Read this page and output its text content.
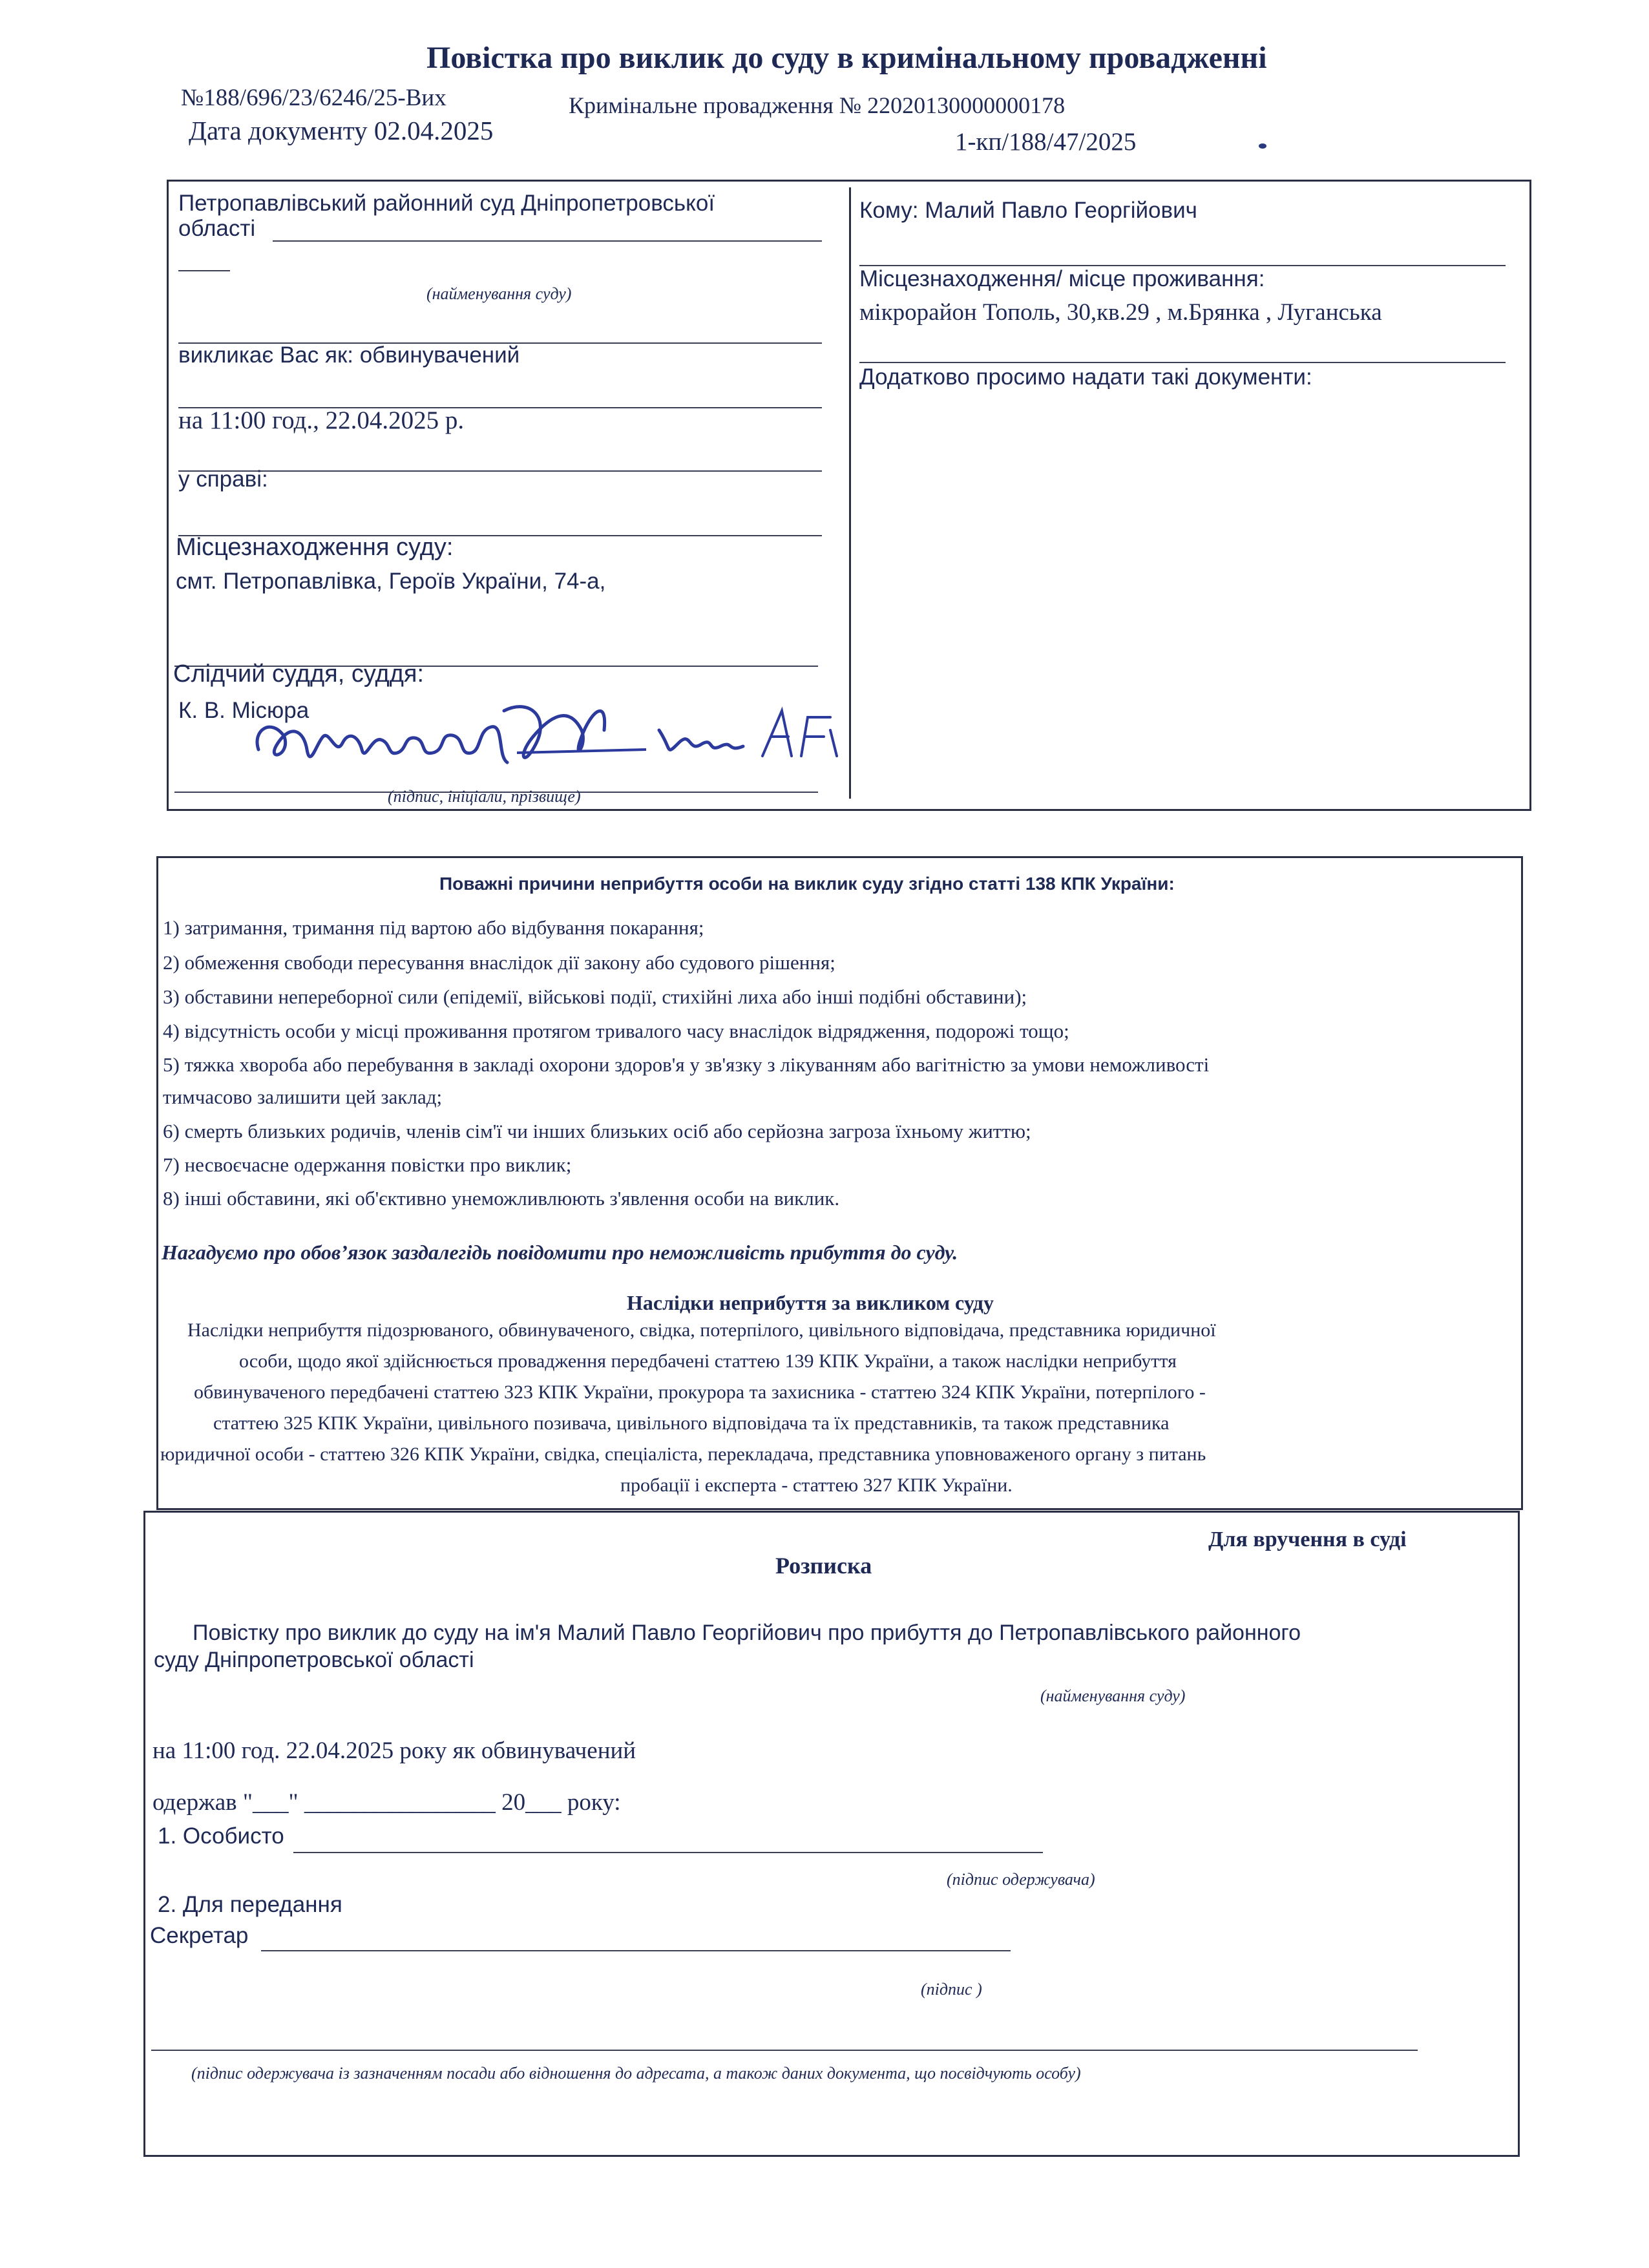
Повістка про виклик до суду в кримінальному провадженні
№188/696/23/6246/25-Вих	Кримінальне провадження № 22020130000000178
Дата документу 02.04.2025	1-кп/188/47/2025
Петропавлівський районний суд Дніпропетровської
області
(найменування суду)
викликає Вас як: обвинувачений
на 11:00 год., 22.04.2025 р.
у справі:
Місцезнаходження суду:
смт. Петропавлівка, Героїв України, 74-а,
Слідчий суддя, суддя:
К. В. Місюра
(підпис, ініціали, прізвище)
Кому: Малий Павло Георгійович
Місцезнаходження/ місце проживання:
мікрорайон Тополь, 30,кв.29 , м.Брянка , Луганська
Додатково просимо надати такі документи:
Поважні причини неприбуття особи на виклик суду згідно статті 138 КПК України:
1) затримання, тримання під вартою або відбування покарання;
2) обмеження свободи пересування внаслідок дії закону або судового рішення;
3) обставини непереборної сили (епідемії, військові події, стихійні лиха або інші подібні обставини);
4) відсутність особи у місці проживання протягом тривалого часу внаслідок відрядження, подорожі тощо;
5) тяжка хвороба або перебування в закладі охорони здоров'я у зв'язку з лікуванням або вагітністю за умови неможливості
тимчасово залишити цей заклад;
6) смерть близьких родичів, членів сім'ї чи інших близьких осіб або серйозна загроза їхньому життю;
7) несвоєчасне одержання повістки про виклик;
8) інші обставини, які об'єктивно унеможливлюють з'явлення особи на виклик.
Нагадуємо про обов’язок заздалегідь повідомити про неможливість прибуття до суду.
Наслідки неприбуття за викликом суду
Наслідки неприбуття підозрюваного, обвинуваченого, свідка, потерпілого, цивільного відповідача, представника юридичної
особи, щодо якої здійснюється провадження передбачені статтею 139 КПК України, а також наслідки неприбуття
обвинуваченого передбачені статтею 323 КПК України, прокурора та захисника - статтею 324 КПК України, потерпілого -
статтею 325 КПК України, цивільного позивача, цивільного відповідача та їх представників, та також представника
юридичної особи - статтею 326 КПК України, свідка, спеціаліста, перекладача, представника уповноваженого органу з питань
пробації і експерта - статтею 327 КПК України.
Для вручення в суді
Розписка
Повістку про виклик до суду на ім'я Малий Павло Георгійович про прибуття до Петропавлівського районного
суду Дніпропетровської області
(найменування суду)
на 11:00 год. 22.04.2025 року як обвинувачений
одержав "___" ________________ 20___ року:
1. Особисто
(підпис одержувача)
2. Для передання
Секретар
(підпис )
(підпис одержувача із зазначенням посади або відношення до адресата, а також даних документа, що посвідчують особу)
